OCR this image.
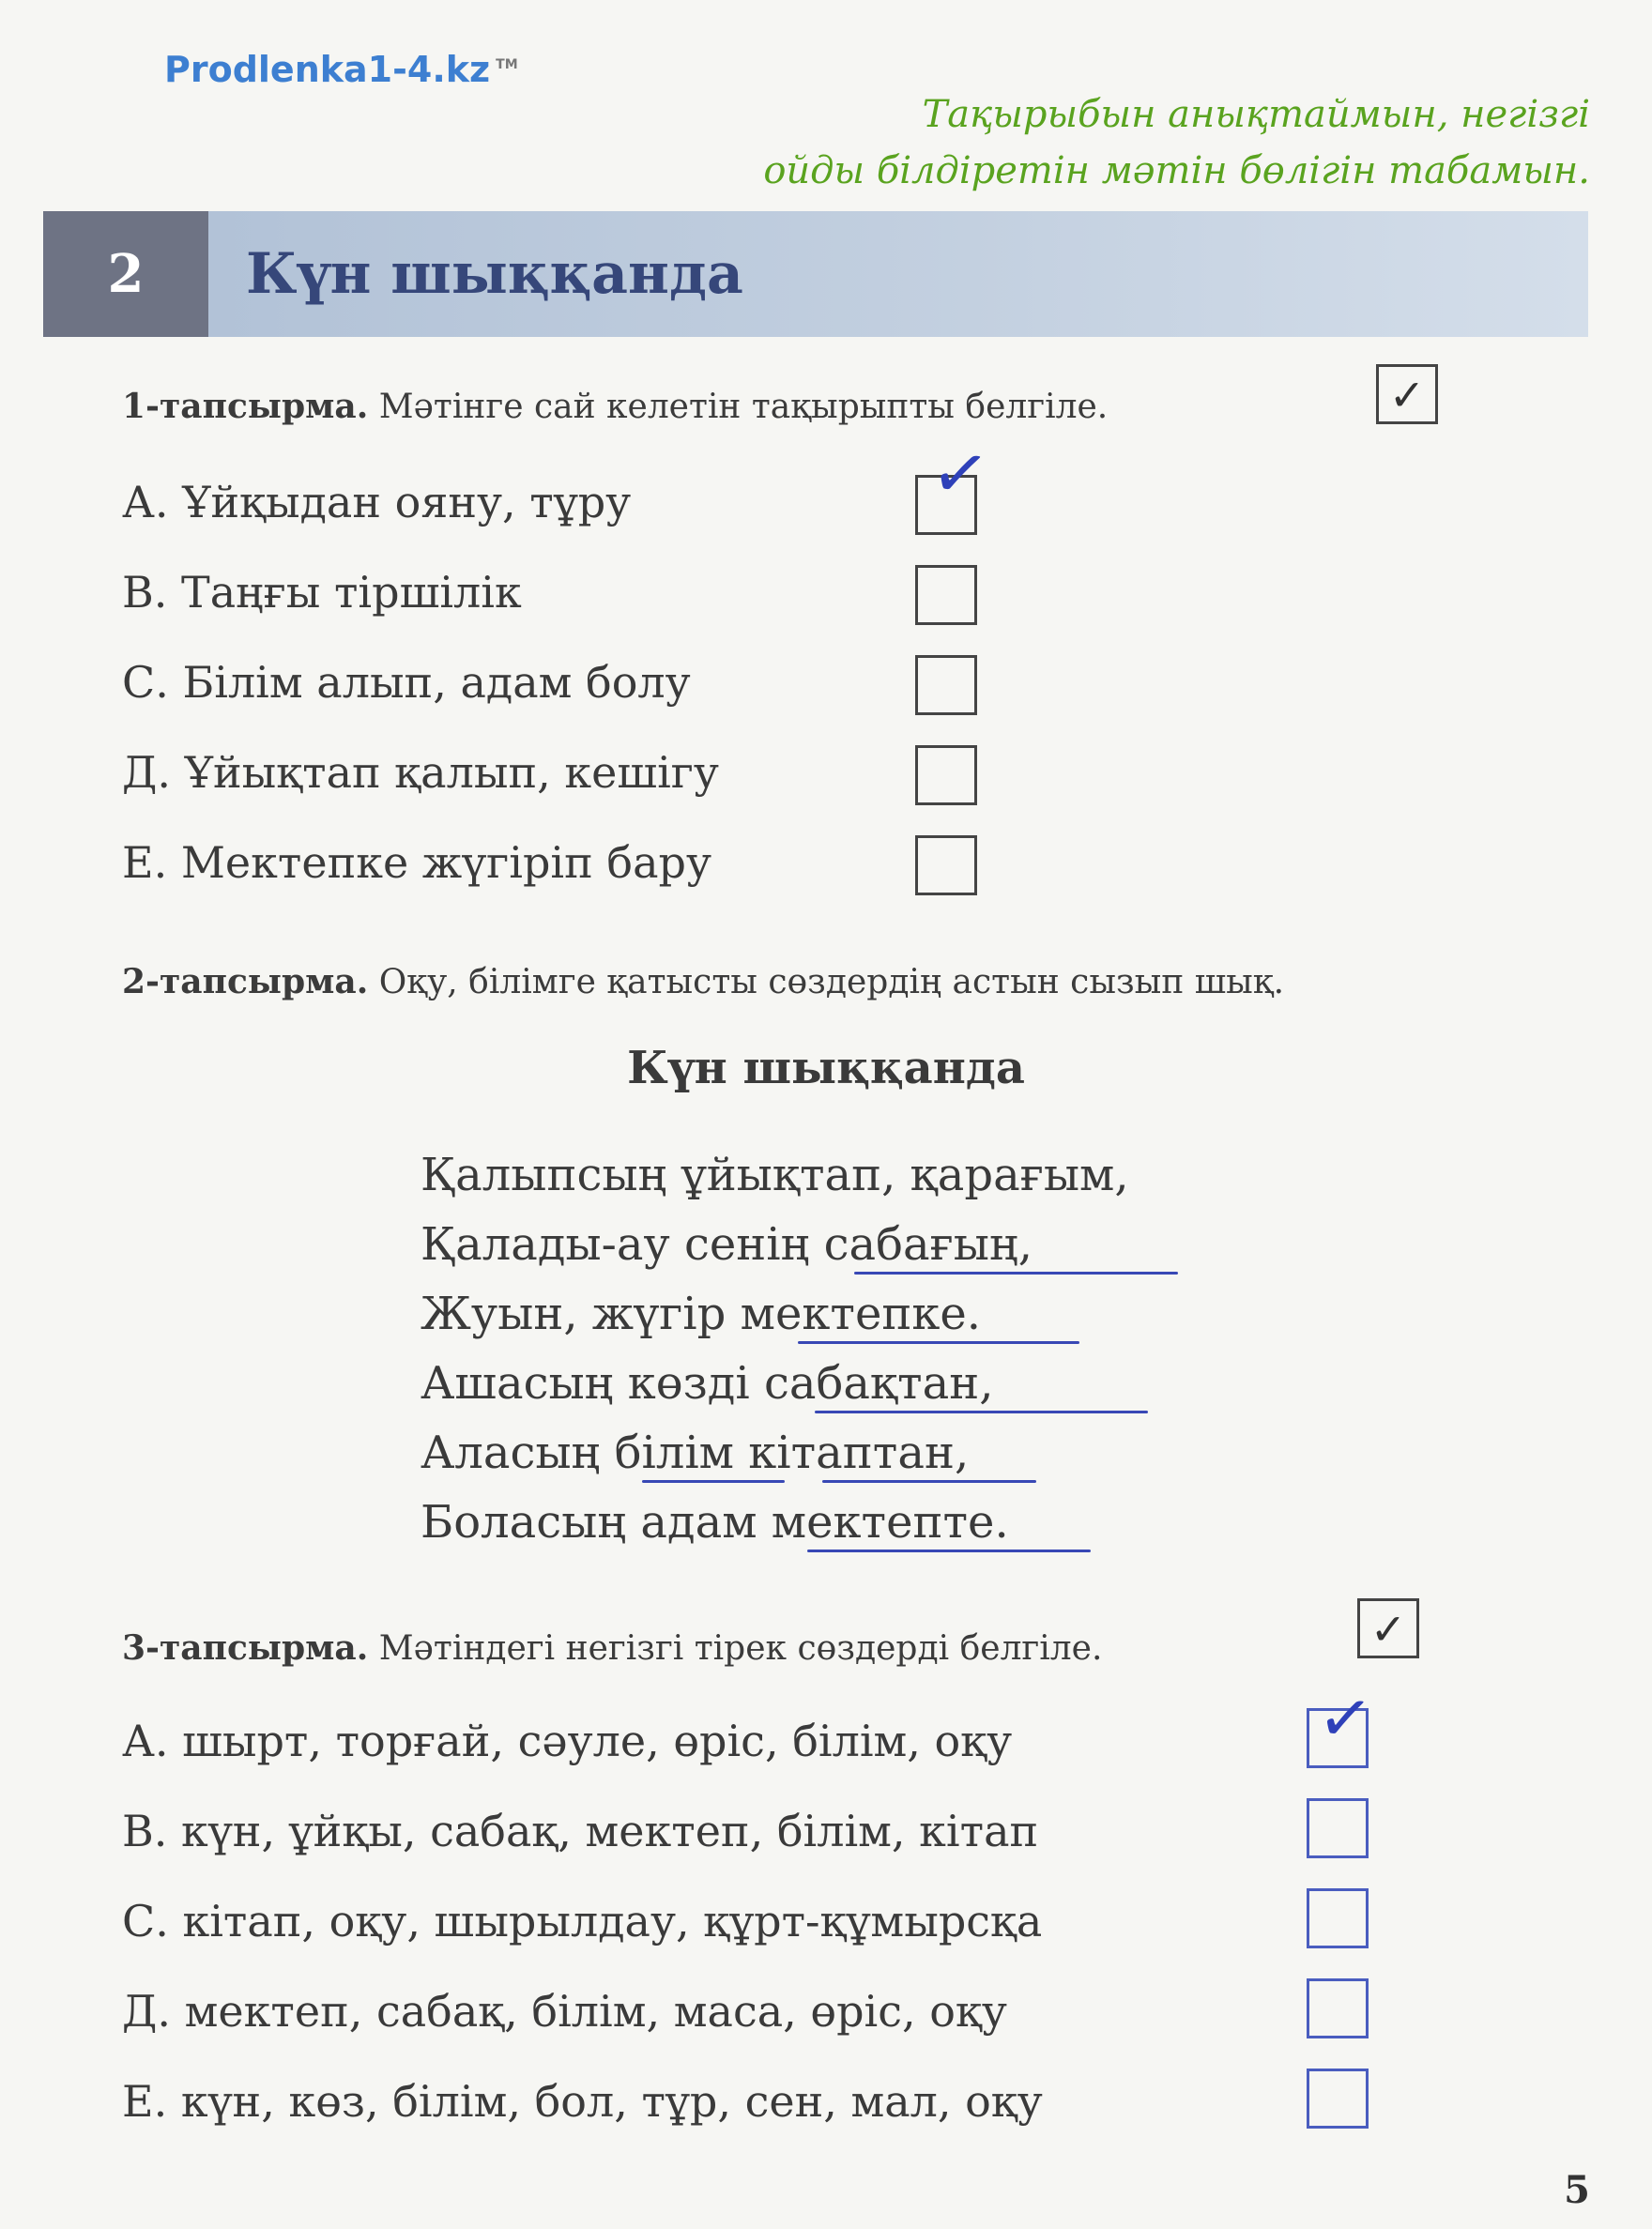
Prodlenka1-4.kz ™
Тақырыбын анықтаймын, негізгі
ойды білдіретін мәтін бөлігін табамын.
2	Күн шыққанда
1-тапсырма. Мәтінге сай келетін тақырыпты белгіле.	✓
А. Ұйқыдан ояну, тұру
В. Таңғы тіршілік
С. Білім алып, адам болу
Д. Ұйықтап қалып, кешігу
Е. Мектепке жүгіріп бару
✓
2-тапсырма. Оқу, білімге қатысты сөздердің астын сызып шық.
Күн шыққанда
Қалыпсың ұйықтап, қарағым,
Қалады-ау сенің сабағың,
Жуын, жүгір мектепке.
Ашасың көзді сабақтан,
Аласың білім кітаптан,
Боласың адам мектепте.
3-тапсырма. Мәтіндегі негізгі тірек сөздерді белгіле.	✓
А. шырт, торғай, сәуле, өріс, білім, оқу
В. күн, ұйқы, сабақ, мектеп, білім, кітап
С. кітап, оқу, шырылдау, құрт-құмырсқа
Д. мектеп, сабақ, білім, маса, өріс, оқу
Е. күн, көз, білім, бол, тұр, сен, мал, оқу
✓
5
